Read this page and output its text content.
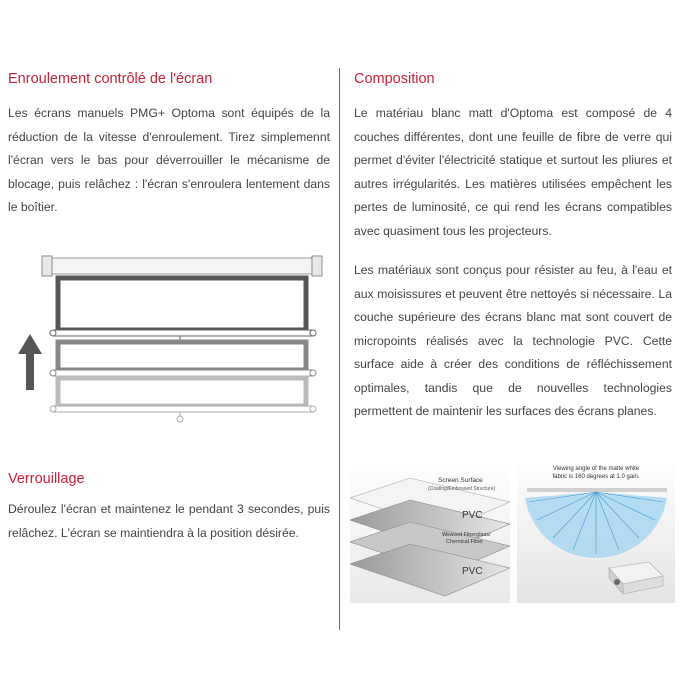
Enroulement contrôlé de l'écran

Les écrans manuels PMG+ Optoma sont équipés de la réduction de la vitesse d'enroulement. Tirez simplemennt l'écran vers le bas pour déverrouiller le mécanisme de blocage, puis relâchez : l'écran s'enroulera lentement dans le boîtier.

Verrouillage

Déroulez l'écran et maintenez le pendant 3 secondes, puis relâchez. L'écran se maintiendra à la position désirée.

Composition

Le matériau blanc matt d'Optoma est composé de 4 couches différentes, dont une feuille de fibre de verre qui permet d'éviter l'électricité statique et surtout les pliures et autres irrégularités. Les matières utilisées empêchent les pertes de luminosité, ce qui rend les écrans compatibles avec quasiment tous les projecteurs.

Les matériaux sont conçus pour résister au feu, à l'eau et aux moisissures et peuvent être nettoyés si nécessaire. La couche supérieure des écrans blanc mat sont couvert de micropoints réalisés avec la technologie PVC. Cette surface aide à créer des conditions de réfléchissement optimales, tandis que de nouvelles technologies permettent de maintenir les surfaces des écrans planes.

Screen Surface
(Coating/Embossed Structure)
PVC
Weaved Fiberglass/
Chemical Fiber
PVC
Viewing angle of the matte white
fabric is 160 degrees at 1.0 gain.
